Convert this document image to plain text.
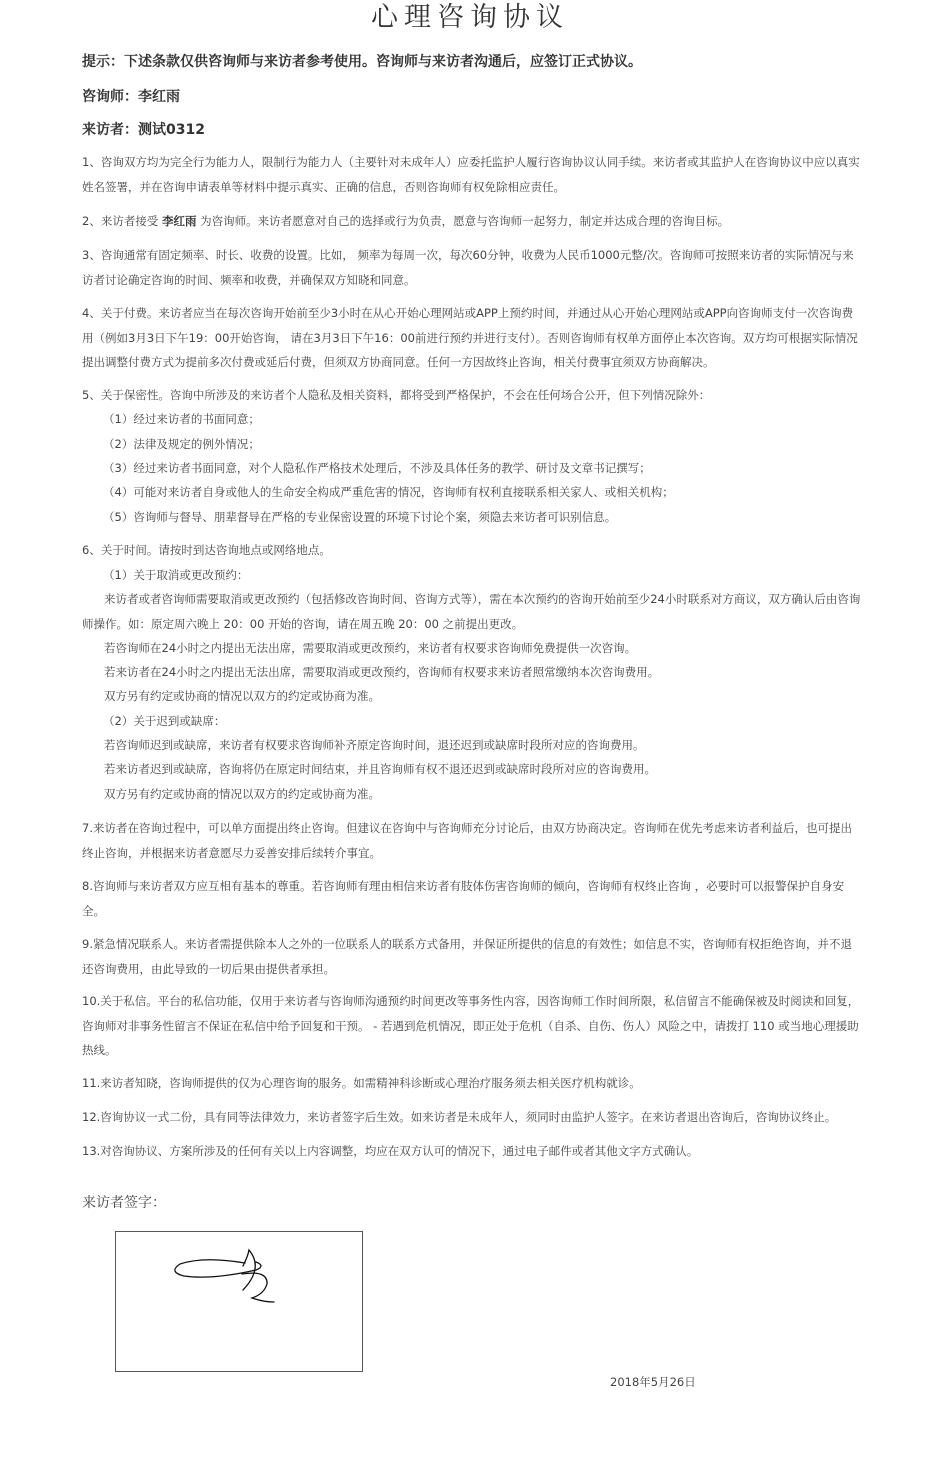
心理咨询协议
提示：下述条款仅供咨询师与来访者参考使用。咨询师与来访者沟通后，应签订正式协议。
咨询师：李红雨
来访者：测试0312
1、咨询双方均为完全行为能力人，限制行为能力人（主要针对未成年人）应委托监护人履行咨询协议认同手续。来访者或其监护人在咨询协议中应以真实姓名签署，并在咨询申请表单等材料中提示真实、正确的信息，否则咨询师有权免除相应责任。
2、来访者接受 李红雨 为咨询师。来访者愿意对自己的选择或行为负责，愿意与咨询师一起努力，制定并达成合理的咨询目标。
3、咨询通常有固定频率、时长、收费的设置。比如， 频率为每周一次，每次60分钟，收费为人民币1000元整/次。咨询师可按照来访者的实际情况与来访者讨论确定咨询的时间、频率和收费，并确保双方知晓和同意。
4、关于付费。来访者应当在每次咨询开始前至少3小时在从心开始心理网站或APP上预约时间，并通过从心开始心理网站或APP向咨询师支付一次咨询费用（例如3月3日下午19：00开始咨询， 请在3月3日下午16：00前进行预约并进行支付）。否则咨询师有权单方面停止本次咨询。双方均可根据实际情况提出调整付费方式为提前多次付费或延后付费，但须双方协商同意。任何一方因故终止咨询，相关付费事宜须双方协商解决。
5、关于保密性。咨询中所涉及的来访者个人隐私及相关资料，都将受到严格保护，不会在任何场合公开，但下列情况除外：
（1）经过来访者的书面同意；
（2）法律及规定的例外情况；
（3）经过来访者书面同意，对个人隐私作严格技术处理后，不涉及具体任务的教学、研讨及文章书记撰写；
（4）可能对来访者自身或他人的生命安全构成严重危害的情况，咨询师有权利直接联系相关家人、或相关机构；
（5）咨询师与督导、朋辈督导在严格的专业保密设置的环境下讨论个案，须隐去来访者可识别信息。
6、关于时间。请按时到达咨询地点或网络地点。
（1）关于取消或更改预约：
来访者或者咨询师需要取消或更改预约（包括修改咨询时间、咨询方式等），需在本次预约的咨询开始前至少24小时联系对方商议，双方确认后由咨询师操作。如：原定周六晚上 20：00 开始的咨询，请在周五晚 20：00 之前提出更改。
若咨询师在24小时之内提出无法出席，需要取消或更改预约，来访者有权要求咨询师免费提供一次咨询。
若来访者在24小时之内提出无法出席，需要取消或更改预约，咨询师有权要求来访者照常缴纳本次咨询费用。
双方另有约定或协商的情况以双方的约定或协商为准。
（2）关于迟到或缺席：
若咨询师迟到或缺席，来访者有权要求咨询师补齐原定咨询时间，退还迟到或缺席时段所对应的咨询费用。
若来访者迟到或缺席，咨询将仍在原定时间结束，并且咨询师有权不退还迟到或缺席时段所对应的咨询费用。
双方另有约定或协商的情况以双方的约定或协商为准。
7.来访者在咨询过程中，可以单方面提出终止咨询。但建议在咨询中与咨询师充分讨论后，由双方协商决定。咨询师在优先考虑来访者利益后，也可提出终止咨询，并根据来访者意愿尽力妥善安排后续转介事宜。
8.咨询师与来访者双方应互相有基本的尊重。若咨询师有理由相信来访者有肢体伤害咨询师的倾向，咨询师有权终止咨询 ，必要时可以报警保护自身安全。
9.紧急情况联系人。来访者需提供除本人之外的一位联系人的联系方式备用，并保证所提供的信息的有效性；如信息不实，咨询师有权拒绝咨询，并不退还咨询费用，由此导致的一切后果由提供者承担。
10.关于私信。平台的私信功能，仅用于来访者与咨询师沟通预约时间更改等事务性内容，因咨询师工作时间所限，私信留言不能确保被及时阅读和回复，咨询师对非事务性留言不保证在私信中给予回复和干预。 - 若遇到危机情况，即正处于危机（自杀、自伤、伤人）风险之中，请拨打 110 或当地心理援助热线。
11.来访者知晓，咨询师提供的仅为心理咨询的服务。如需精神科诊断或心理治疗服务须去相关医疗机构就诊。
12.咨询协议一式二份，具有同等法律效力，来访者签字后生效。如来访者是未成年人，须同时由监护人签字。在来访者退出咨询后，咨询协议终止。
13.对咨询协议、方案所涉及的任何有关以上内容调整，均应在双方认可的情况下，通过电子邮件或者其他文字方式确认。
来访者签字：
2018年5月26日
